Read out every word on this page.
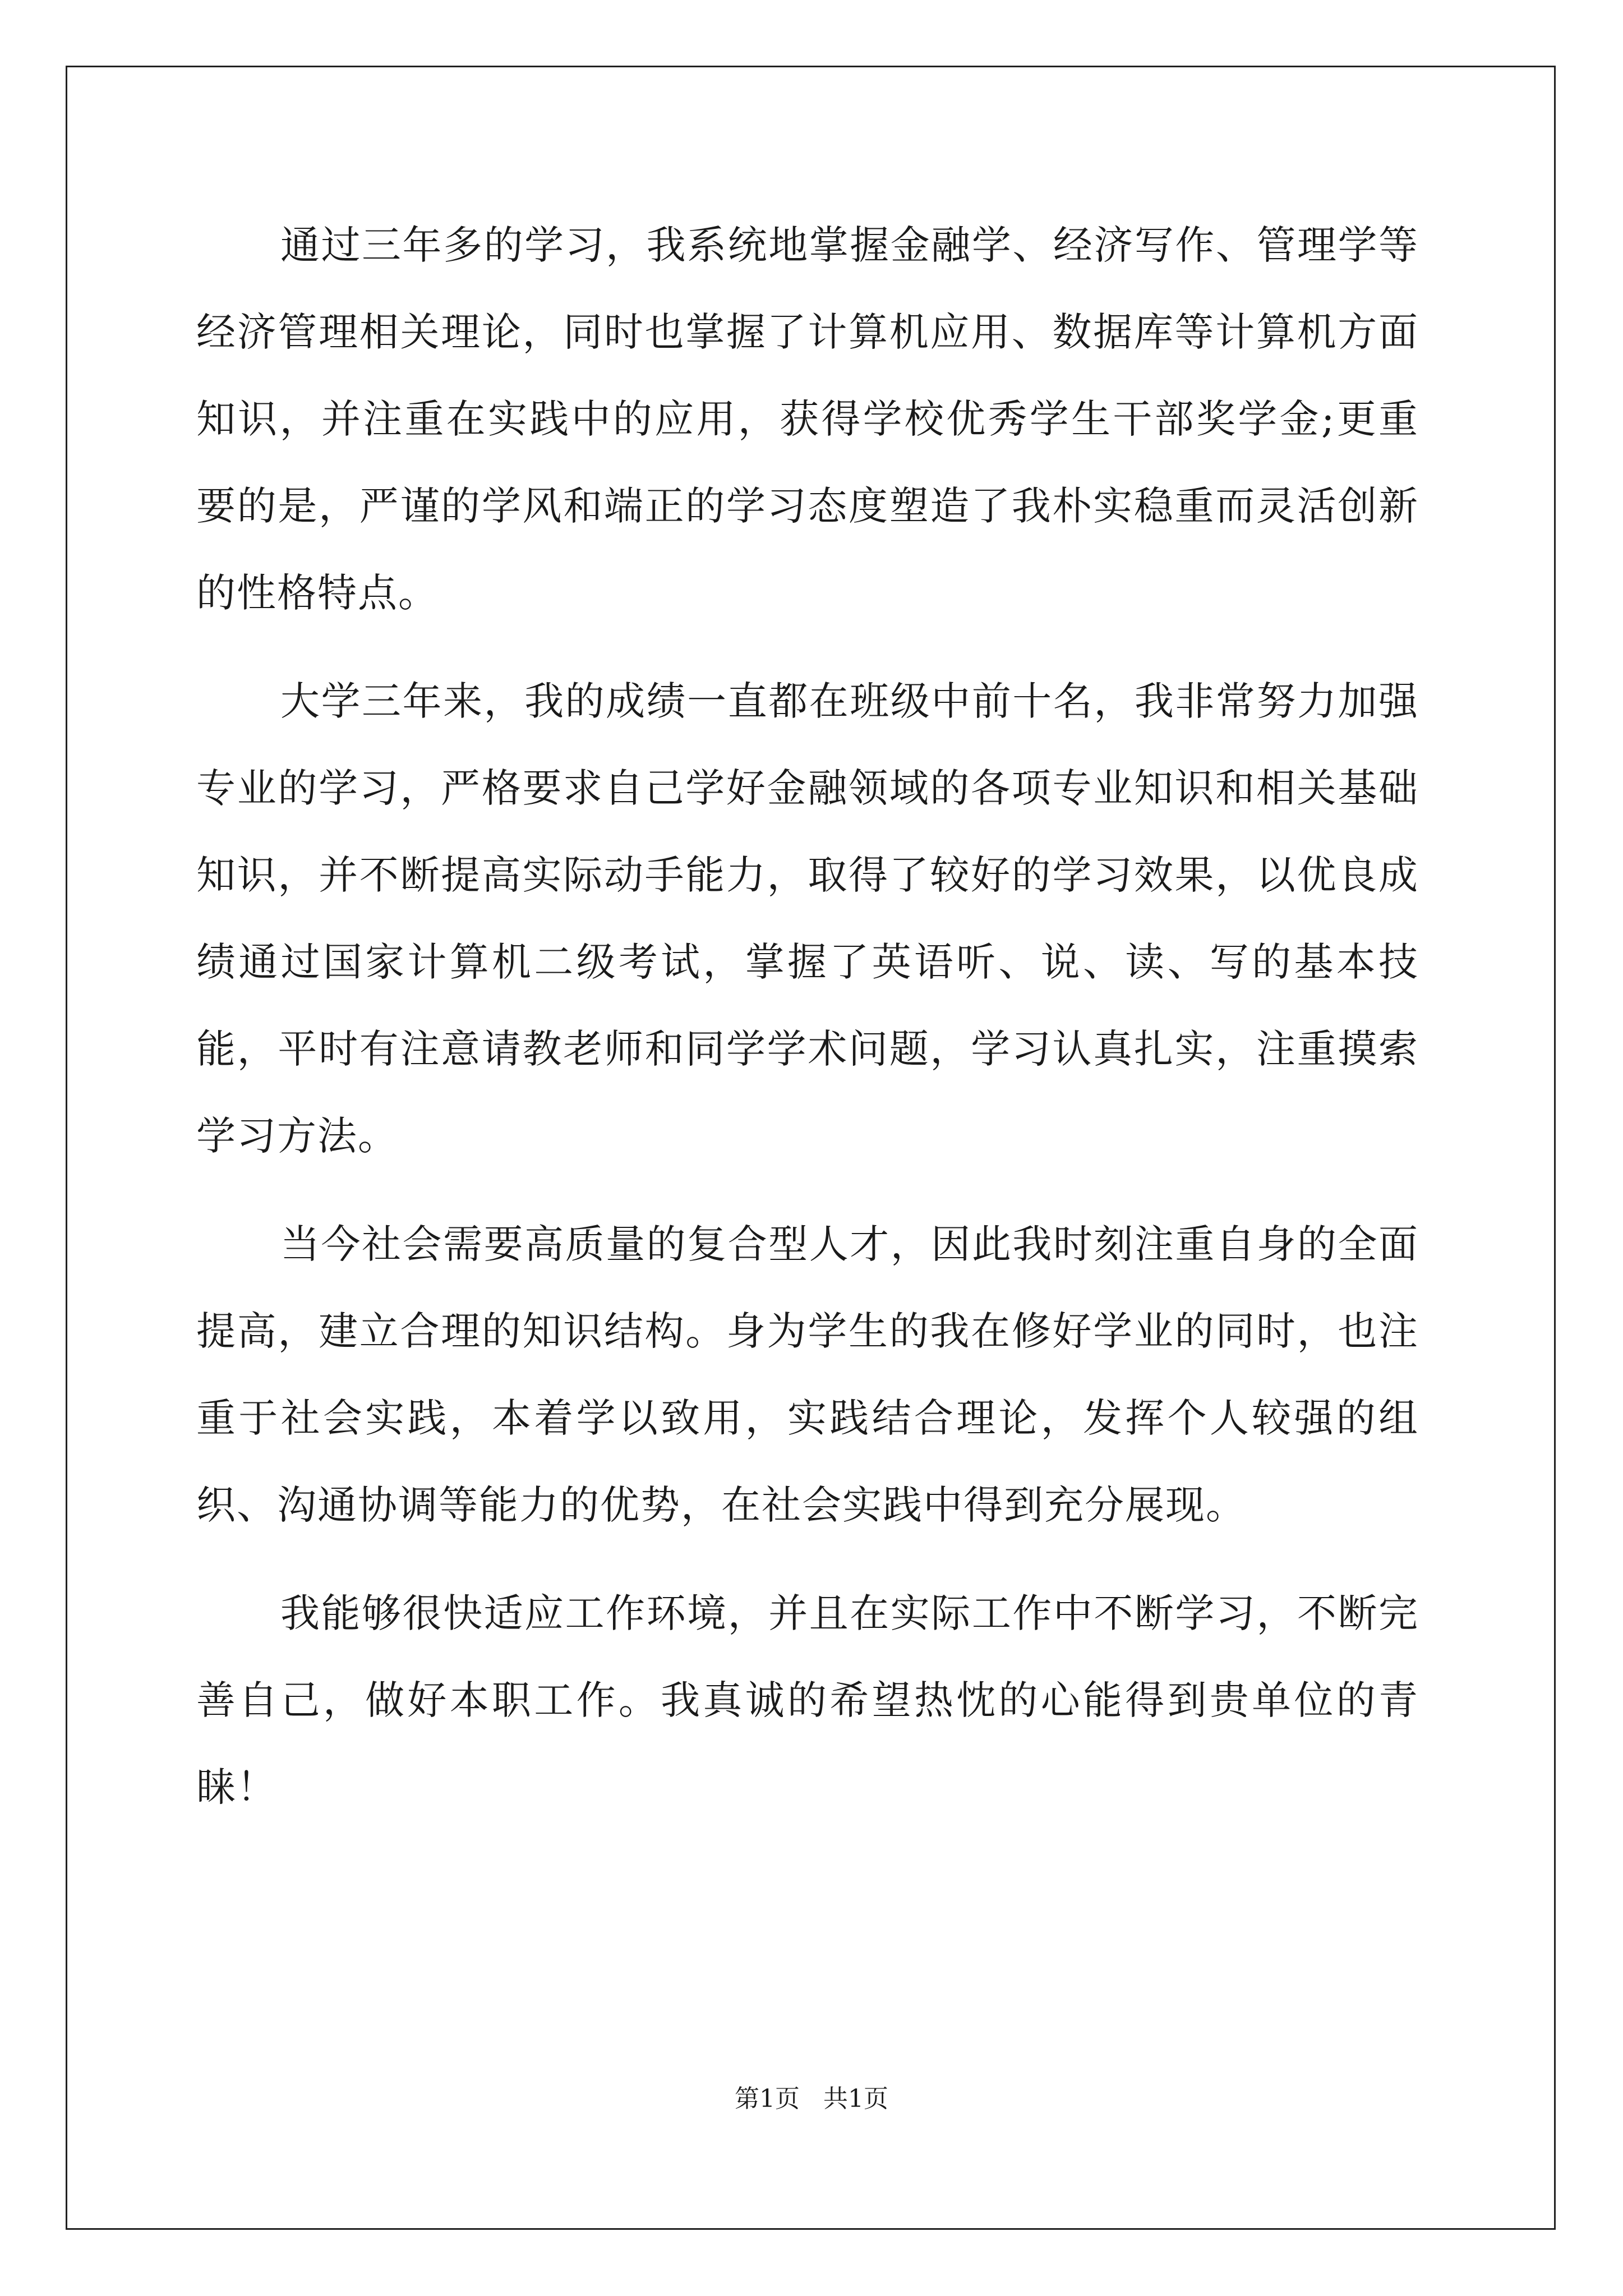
通过三年多的学习，我系统地掌握金融学、经济写作、管理学等经济管理相关理论，同时也掌握了计算机应用、数据库等计算机方面知识，并注重在实践中的应用，获得学校优秀学生干部奖学金;更重要的是，严谨的学风和端正的学习态度塑造了我朴实稳重而灵活创新的性格特点。

大学三年来，我的成绩一直都在班级中前十名，我非常努力加强专业的学习，严格要求自己学好金融领域的各项专业知识和相关基础知识，并不断提高实际动手能力，取得了较好的学习效果，以优良成绩通过国家计算机二级考试，掌握了英语听、说、读、写的基本技能，平时有注意请教老师和同学学术问题，学习认真扎实，注重摸索学习方法。

当今社会需要高质量的复合型人才，因此我时刻注重自身的全面提高，建立合理的知识结构。身为学生的我在修好学业的同时，也注重于社会实践，本着学以致用，实践结合理论，发挥个人较强的组织、沟通协调等能力的优势，在社会实践中得到充分展现。

我能够很快适应工作环境，并且在实际工作中不断学习，不断完善自己，做好本职工作。我真诚的希望热忱的心能得到贵单位的青睐！

第1页   共1页
